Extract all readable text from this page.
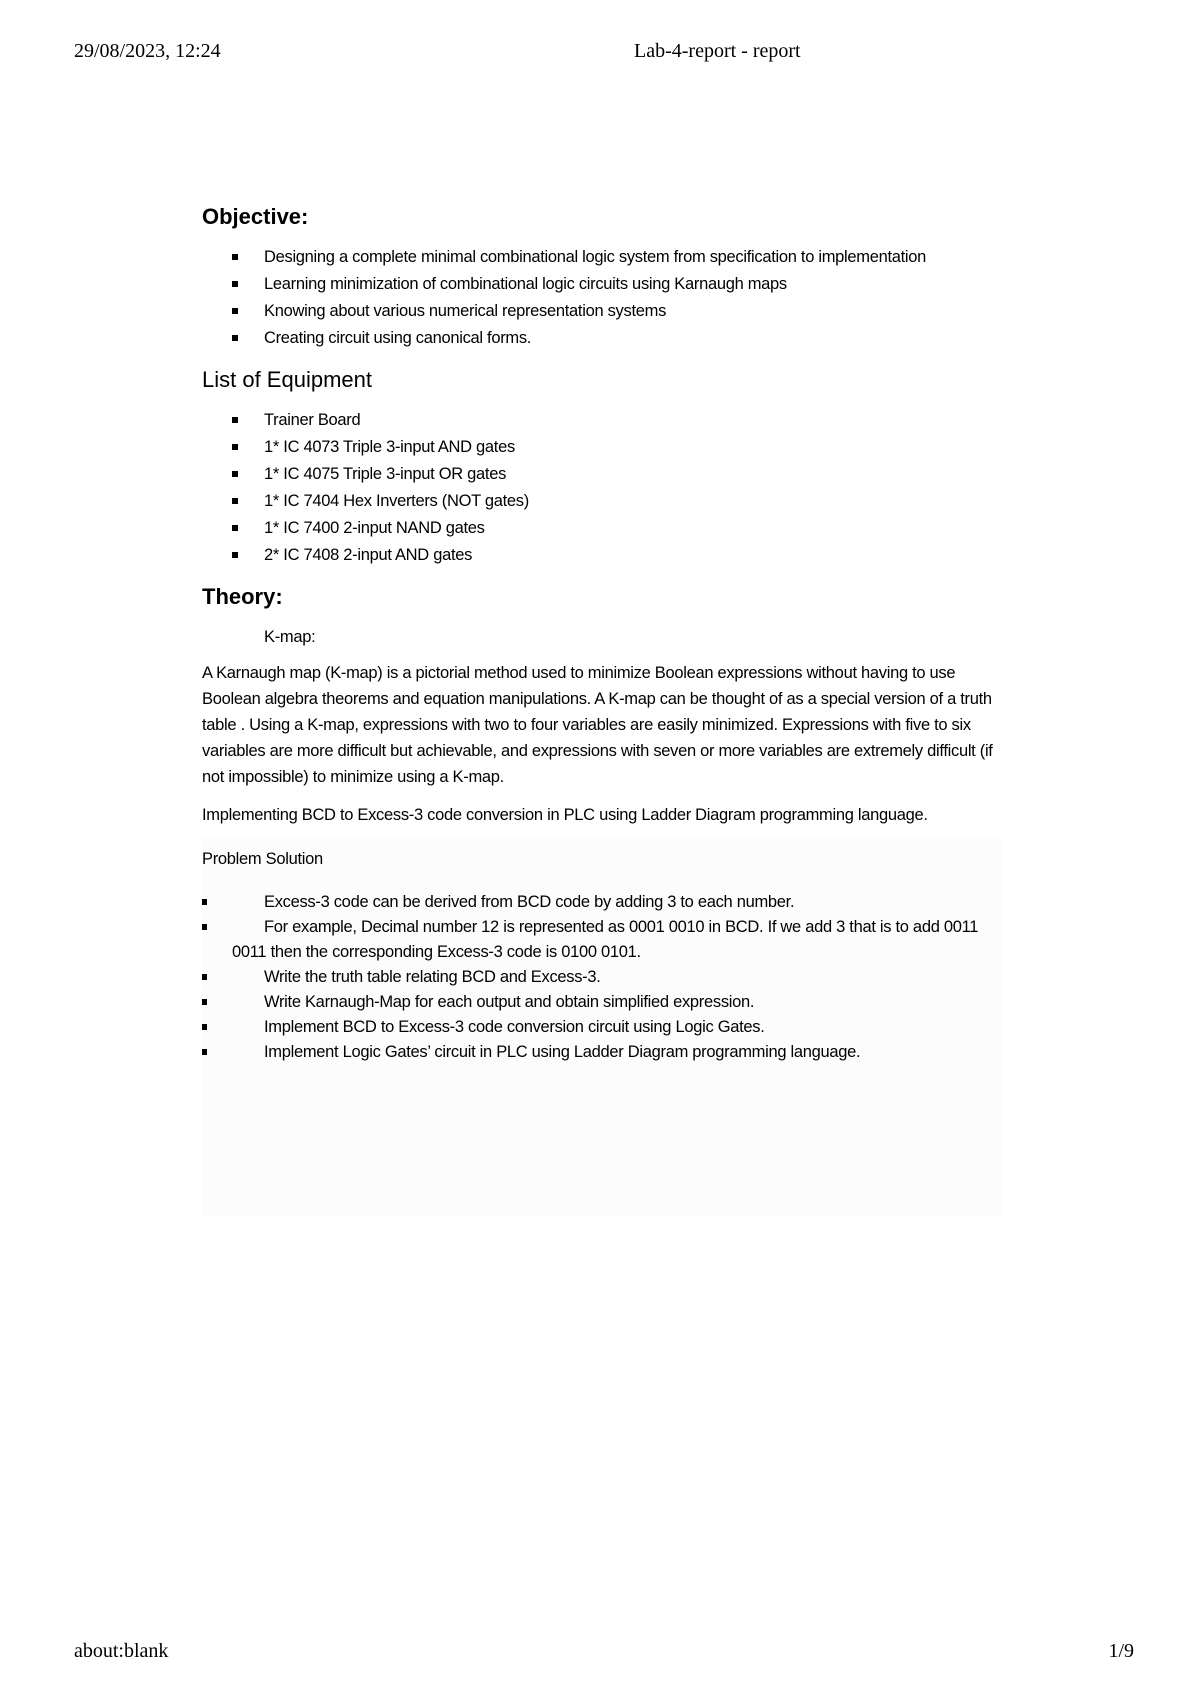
29/08/2023, 12:24	Lab-4-report - report
Objective:
Designing a complete minimal combinational logic system from specification to implementation
Learning minimization of combinational logic circuits using Karnaugh maps
Knowing about various numerical representation systems
Creating circuit using canonical forms.
List of Equipment
Trainer Board
1* IC 4073 Triple 3-input AND gates
1* IC 4075 Triple 3-input OR gates
1* IC 7404 Hex Inverters (NOT gates)
1* IC 7400 2-input NAND gates
2* IC 7408 2-input AND gates
Theory:
K-map:

A Karnaugh map (K-map) is a pictorial method used to minimize Boolean expressions without having to use Boolean algebra theorems and equation manipulations. A K-map can be thought of as a special version of a truth table . Using a K-map, expressions with two to four variables are easily minimized. Expressions with five to six variables are more difficult but achievable, and expressions with seven or more variables are extremely difficult (if not impossible) to minimize using a K-map.

Implementing BCD to Excess-3 code conversion in PLC using Ladder Diagram programming language.

Problem Solution
Excess-3 code can be derived from BCD code by adding 3 to each number.
For example, Decimal number 12 is represented as 0001 0010 in BCD. If we add 3 that is to add 0011 0011 then the corresponding Excess-3 code is 0100 0101.
Write the truth table relating BCD and Excess-3.
Write Karnaugh-Map for each output and obtain simplified expression.
Implement BCD to Excess-3 code conversion circuit using Logic Gates.
Implement Logic Gates’ circuit in PLC using Ladder Diagram programming language.
about:blank	1/9
